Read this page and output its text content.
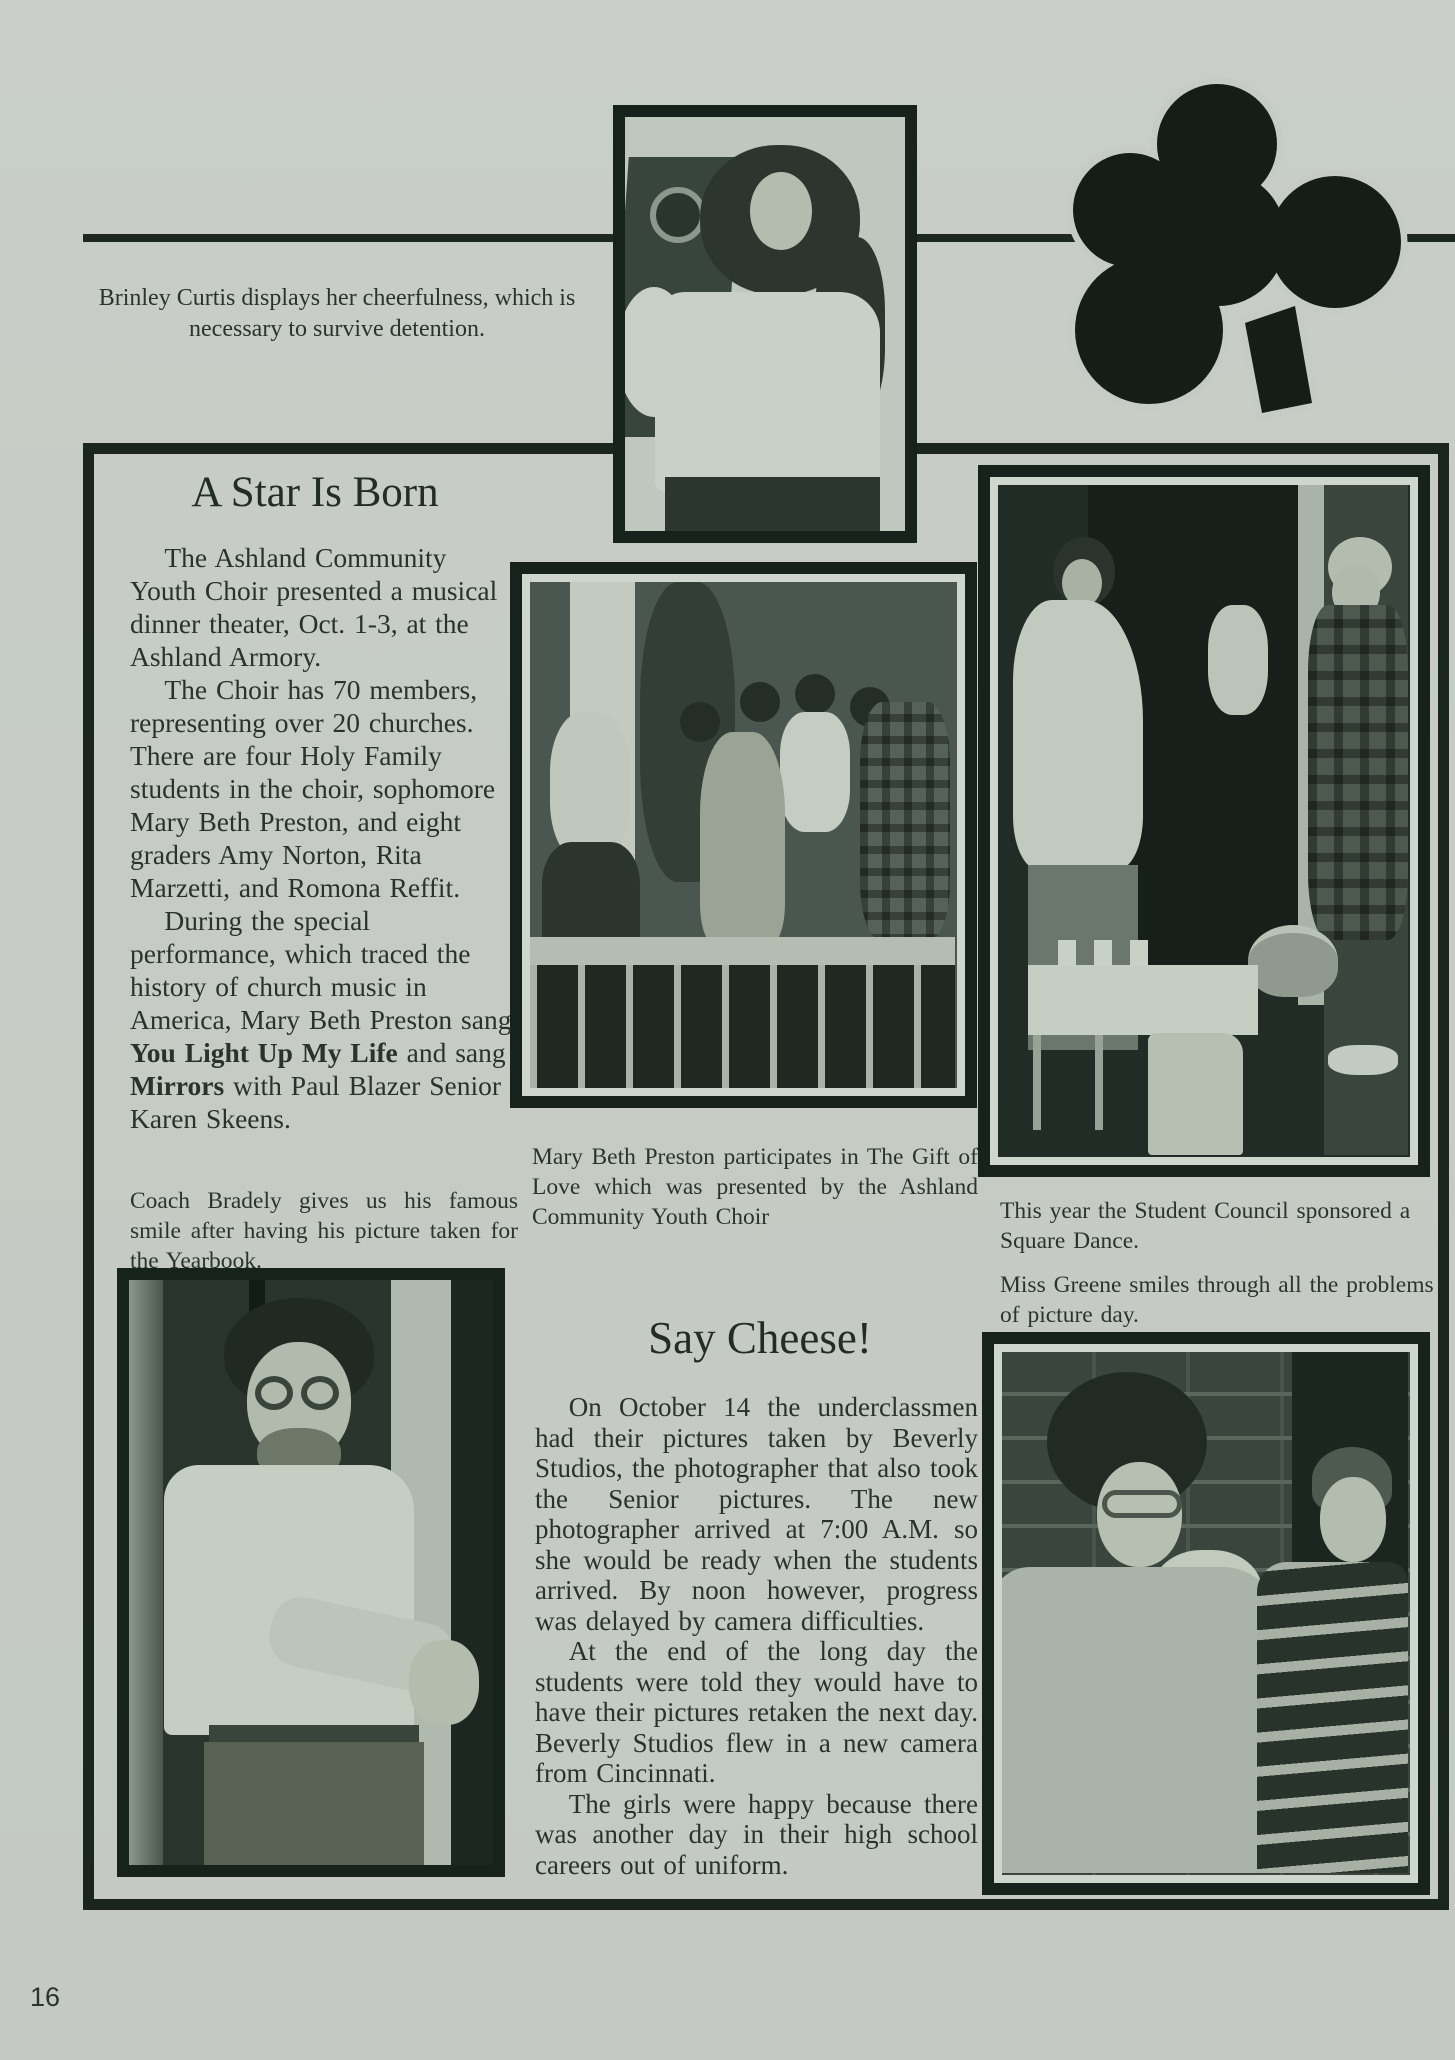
Brinley Curtis displays her cheerfulness, which is
necessary to survive detention.
A Star Is Born

The Ashland Community Youth Choir presented a musical dinner theater, Oct. 1-3, at the Ashland Armory.

The Choir has 70 members, representing over 20 churches. There are four Holy Family students in the choir, sophomore Mary Beth Preston, and eight graders Amy Norton, Rita Marzetti, and Romona Reffit.

During the special performance, which traced the history of church music in America, Mary Beth Preston sang You Light Up My Life and sang Mirrors with Paul Blazer Senior Karen Skeens.

Coach Bradely gives us his famous smile after having his picture taken for the Yearbook.
Mary Beth Preston participates in The Gift of Love which was presented by the Ashland Community Youth Choir	This year the Student Council sponsored a Square Dance.
Miss Greene smiles through all the problems of picture day.
Say Cheese!

On October 14 the underclassmen had their pictures taken by Beverly Studios, the photographer that also took the Senior pictures. The new photographer arrived at 7:00 A.M. so she would be ready when the students arrived. By noon however, progress was delayed by camera difficulties.

At the end of the long day the students were told they would have to have their pictures retaken the next day. Beverly Studios flew in a new camera from Cincinnati.

The girls were happy because there was another day in their high school careers out of uniform.

16
